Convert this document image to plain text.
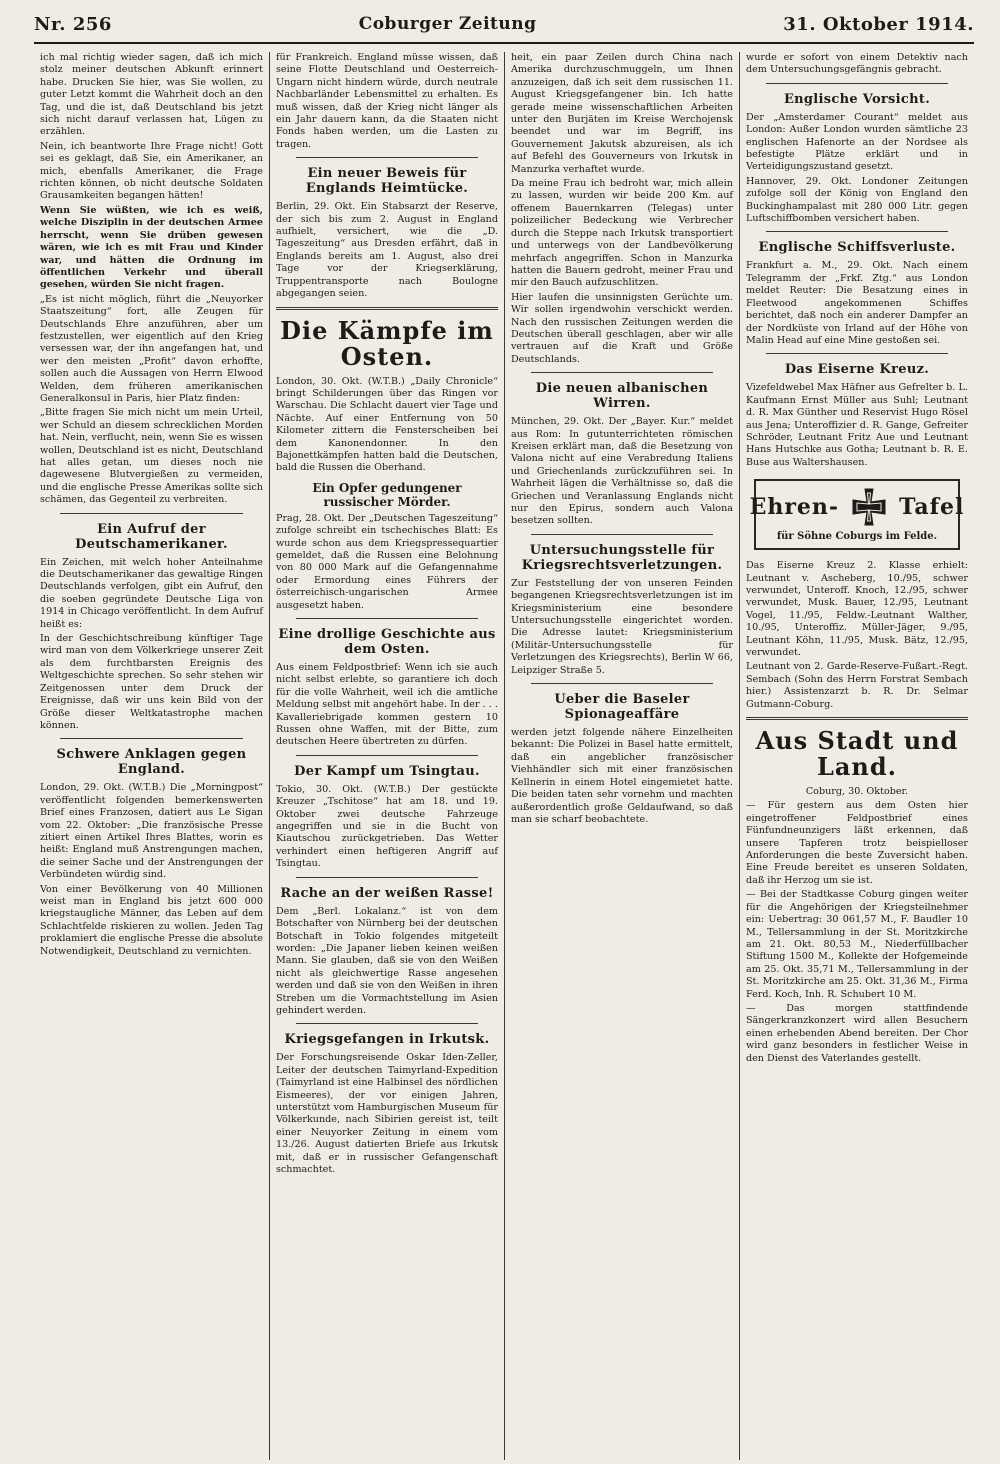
Nr. 256	Coburger Zeitung	31. Oktober 1914.

ich mal richtig wieder sagen, daß ich mich stolz meiner deutschen Abkunft erinnert habe. Drucken Sie hier, was Sie wollen, zu guter Letzt kommt die Wahrheit doch an den Tag, und die ist, daß Deutschland bis jetzt sich nicht darauf verlassen hat, Lügen zu erzählen.

Nein, ich beantworte Ihre Frage nicht! Gott sei es geklagt, daß Sie, ein Amerikaner, an mich, ebenfalls Amerikaner, die Frage richten können, ob nicht deutsche Soldaten Grausamkeiten begangen hätten!

Wenn Sie wüßten, wie ich es weiß, welche Disziplin in der deutschen Armee herrscht, wenn Sie drüben gewesen wären, wie ich es mit Frau und Kinder war, und hätten die Ordnung im öffentlichen Verkehr und überall gesehen, würden Sie nicht fragen.

„Es ist nicht möglich, führt die „Neuyorker Staatszeitung“ fort, alle Zeugen für Deutschlands Ehre anzuführen, aber um festzustellen, wer eigentlich auf den Krieg versessen war, der ihn angefangen hat, und wer den meisten „Profit“ davon erhoffte, sollen auch die Aussagen von Herrn Elwood Welden, dem früheren amerikanischen Generalkonsul in Paris, hier Platz finden:

„Bitte fragen Sie mich nicht um mein Urteil, wer Schuld an diesem schrecklichen Morden hat. Nein, verflucht, nein, wenn Sie es wissen wollen, Deutschland ist es nicht, Deutschland hat alles getan, um dieses noch nie dagewesene Blutvergießen zu vermeiden, und die englische Presse Amerikas sollte sich schämen, das Gegenteil zu verbreiten.

Ein Aufruf der Deutschamerikaner.

Ein Zeichen, mit welch hoher Anteilnahme die Deutschamerikaner das gewaltige Ringen Deutschlands verfolgen, gibt ein Aufruf, den die soeben gegründete Deutsche Liga von 1914 in Chicago veröffentlicht. In dem Aufruf heißt es:

In der Geschichtschreibung künftiger Tage wird man von dem Völkerkriege unserer Zeit als dem furchtbarsten Ereignis des Weltgeschichte sprechen. So sehr stehen wir Zeitgenossen unter dem Druck der Ereignisse, daß wir uns kein Bild von der Größe dieser Weltkatastrophe machen können.

Schwere Anklagen gegen England.

London, 29. Okt. (W.T.B.) Die „Morningpost“ veröffentlicht folgenden bemerkenswerten Brief eines Franzosen, datiert aus Le Sigan vom 22. Oktober: „Die französische Presse zitiert einen Artikel Ihres Blattes, worin es heißt: England muß Anstrengungen machen, die seiner Sache und der Anstrengungen der Verbündeten würdig sind.

Von einer Bevölkerung von 40 Millionen weist man in England bis jetzt 600 000 kriegstaugliche Männer, das Leben auf dem Schlachtfelde riskieren zu wollen. Jeden Tag proklamiert die englische Presse die absolute Notwendigkeit, Deutschland zu vernichten.

für Frankreich. England müsse wissen, daß seine Flotte Deutschland und Oesterreich-Ungarn nicht hindern würde, durch neutrale Nachbarländer Lebensmittel zu erhalten. Es muß wissen, daß der Krieg nicht länger als ein Jahr dauern kann, da die Staaten nicht Fonds haben werden, um die Lasten zu tragen.

Ein neuer Beweis für Englands Heimtücke.

Berlin, 29. Okt. Ein Stabsarzt der Reserve, der sich bis zum 2. August in England aufhielt, versichert, wie die „D. Tageszeitung“ aus Dresden erfährt, daß in Englands bereits am 1. August, also drei Tage vor der Kriegserklärung, Truppentransporte nach Boulogne abgegangen seien.

Die Kämpfe im Osten.

London, 30. Okt. (W.T.B.) „Daily Chronicle“ bringt Schilderungen über das Ringen vor Warschau. Die Schlacht dauert vier Tage und Nächte. Auf einer Entfernung von 50 Kilometer zittern die Fensterscheiben bei dem Kanonendonner. In den Bajonettkämpfen hatten bald die Deutschen, bald die Russen die Oberhand.

Ein Opfer gedungener russischer Mörder.

Prag, 28. Okt. Der „Deutschen Tageszeitung“ zufolge schreibt ein tschechisches Blatt: Es wurde schon aus dem Kriegspressequartier gemeldet, daß die Russen eine Belohnung von 80 000 Mark auf die Gefangennahme oder Ermordung eines Führers der österreichisch-ungarischen Armee ausgesetzt haben.

Eine drollige Geschichte aus dem Osten.

Aus einem Feldpostbrief: Wenn ich sie auch nicht selbst erlebte, so garantiere ich doch für die volle Wahrheit, weil ich die amtliche Meldung selbst mit angehört habe. In der . . . Kavalleriebrigade kommen gestern 10 Russen ohne Waffen, mit der Bitte, zum deutschen Heere übertreten zu dürfen.

Der Kampf um Tsingtau.

Tokio, 30. Okt. (W.T.B.) Der gestückte Kreuzer „Tschitose“ hat am 18. und 19. Oktober zwei deutsche Fahrzeuge angegriffen und sie in die Bucht von Kiautschou zurückgetrieben. Das Wetter verhindert einen heftigeren Angriff auf Tsingtau.

Rache an der weißen Rasse!

Dem „Berl. Lokalanz.“ ist von dem Botschafter von Nürnberg bei der deutschen Botschaft in Tokio folgendes mitgeteilt worden: „Die Japaner lieben keinen weißen Mann. Sie glauben, daß sie von den Weißen nicht als gleichwertige Rasse angesehen werden und daß sie von den Weißen in ihren Streben um die Vormachtstellung im Asien gehindert werden.

Kriegsgefangen in Irkutsk.

Der Forschungsreisende Oskar Iden-Zeller, Leiter der deutschen Taimyrland-Expedition (Taimyrland ist eine Halbinsel des nördlichen Eismeeres), der vor einigen Jahren, unterstützt vom Hamburgischen Museum für Völkerkunde, nach Sibirien gereist ist, teilt einer Neuyorker Zeitung in einem vom 13./26. August datierten Briefe aus Irkutsk mit, daß er in russischer Gefangenschaft schmachtet.

heit, ein paar Zeilen durch China nach Amerika durchzuschmuggeln, um Ihnen anzuzeigen, daß ich seit dem russischen 11. August Kriegsgefangener bin. Ich hatte gerade meine wissenschaftlichen Arbeiten unter den Burjäten im Kreise Werchojensk beendet und war im Begriff, ins Gouvernement Jakutsk abzureisen, als ich auf Befehl des Gouverneurs von Irkutsk in Manzurka verhaftet wurde.

Da meine Frau ich bedroht war, mich allein zu lassen, wurden wir beide 200 Km. auf offenem Bauernkarren (Telegas) unter polizeilicher Bedeckung wie Verbrecher durch die Steppe nach Irkutsk transportiert und unterwegs von der Landbevölkerung mehrfach angegriffen. Schon in Manzurka hatten die Bauern gedroht, meiner Frau und mir den Bauch aufzuschlitzen.

Hier laufen die unsinnigsten Gerüchte um. Wir sollen irgendwohin verschickt werden. Nach den russischen Zeitungen werden die Deutschen überall geschlagen, aber wir alle vertrauen auf die Kraft und Größe Deutschlands.

Die neuen albanischen Wirren.

München, 29. Okt. Der „Bayer. Kur.“ meldet aus Rom: In gutunterrichteten römischen Kreisen erklärt man, daß die Besetzung von Valona nicht auf eine Verabredung Italiens und Griechenlands zurückzuführen sei. In Wahrheit lägen die Verhältnisse so, daß die Griechen und Veranlassung Englands nicht nur den Epirus, sondern auch Valona besetzen sollten.

Untersuchungsstelle für Kriegsrechtsverletzungen.

Zur Feststellung der von unseren Feinden begangenen Kriegsrechtsverletzungen ist im Kriegsministerium eine besondere Untersuchungsstelle eingerichtet worden. Die Adresse lautet: Kriegsministerium (Militär-Untersuchungsstelle für Verletzungen des Kriegsrechts), Berlin W 66, Leipziger Straße 5.

Ueber die Baseler Spionageaffäre

werden jetzt folgende nähere Einzelheiten bekannt: Die Polizei in Basel hatte ermittelt, daß ein angeblicher französischer Viehhändler sich mit einer französischen Kellnerin in einem Hotel eingemietet hatte. Die beiden taten sehr vornehm und machten außerordentlich große Geldaufwand, so daß man sie scharf beobachtete.

wurde er sofort von einem Detektiv nach dem Untersuchungsgefängnis gebracht.

Englische Vorsicht.

Der „Amsterdamer Courant“ meldet aus London: Außer London wurden sämtliche 23 englischen Hafenorte an der Nordsee als befestigte Plätze erklärt und in Verteidigungszustand gesetzt.

Hannover, 29. Okt. Londoner Zeitungen zufolge soll der König von England den Buckinghampalast mit 280 000 Litr. gegen Luftschiffbomben versichert haben.

Englische Schiffsverluste.

Frankfurt a. M., 29. Okt. Nach einem Telegramm der „Frkf. Ztg.“ aus London meldet Reuter: Die Besatzung eines in Fleetwood angekommenen Schiffes berichtet, daß noch ein anderer Dampfer an der Nordküste von Irland auf der Höhe von Malin Head auf eine Mine gestoßen sei.

Das Eiserne Kreuz.

Vizefeldwebel Max Häfner aus Gefrelter b. L. Kaufmann Ernst Müller aus Suhl; Leutnant d. R. Max Günther und Reservist Hugo Rösel aus Jena; Unteroffizier d. R. Gange, Gefreiter Schröder, Leutnant Fritz Aue und Leutnant Hans Hutschke aus Gotha; Leutnant b. R. E. Buse aus Waltershausen.

Ehren-	Tafel
für Söhne Coburgs im Felde.

Das Eiserne Kreuz 2. Klasse erhielt: Leutnant v. Ascheberg, 10./95, schwer verwundet, Unteroff. Knoch, 12./95, schwer verwundet, Musk. Bauer, 12./95, Leutnant Vogel, 11./95, Feldw.-Leutnant Walther, 10./95, Unteroffiz. Müller-Jäger, 9./95, Leutnant Köhn, 11./95, Musk. Bätz, 12./95, verwundet.

Leutnant von 2. Garde-Reserve-Fußart.-Regt. Sembach (Sohn des Herrn Forstrat Sembach hier.) Assistenzarzt b. R. Dr. Selmar Gutmann-Coburg.

Aus Stadt und Land.

Coburg, 30. Oktober.

— Für gestern aus dem Osten hier eingetroffener Feldpostbrief eines Fünfundneunzigers läßt erkennen, daß unsere Tapferen trotz beispielloser Anforderungen die beste Zuversicht haben. Eine Freude bereitet es unseren Soldaten, daß ihr Herzog um sie ist.

— Bei der Stadtkasse Coburg gingen weiter für die Angehörigen der Kriegsteilnehmer ein: Uebertrag: 30 061,57 M., F. Baudler 10 M., Tellersammlung in der St. Moritzkirche am 21. Okt. 80,53 M., Niederfüllbacher Stiftung 1500 M., Kollekte der Hofgemeinde am 25. Okt. 35,71 M., Tellersammlung in der St. Moritzkirche am 25. Okt. 31,36 M., Firma Ferd. Koch, Inh. R. Schubert 10 M.

— Das morgen stattfindende Sängerkranzkonzert wird allen Besuchern einen erhebenden Abend bereiten. Der Chor wird ganz besonders in festlicher Weise in den Dienst des Vaterlandes gestellt.
